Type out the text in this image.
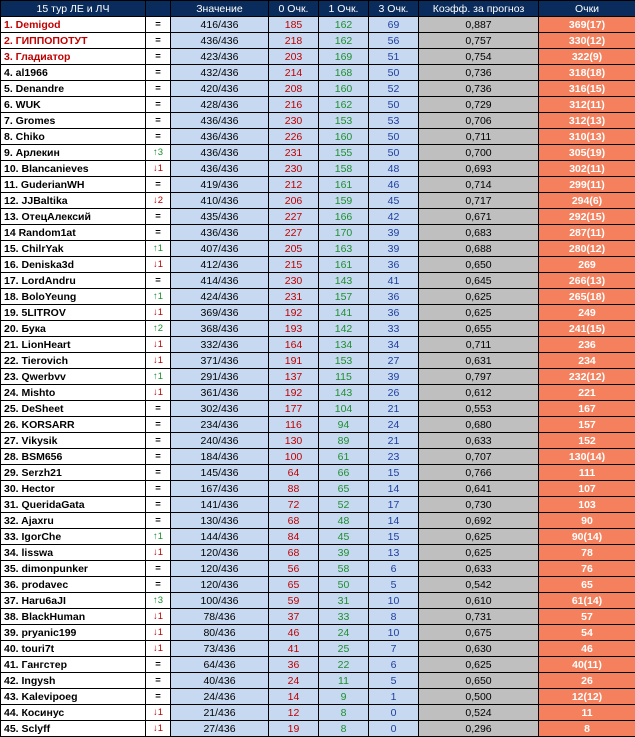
15 тур ЛЕ и ЛЧ		Значение	0 Очк.	1 Очк.	3 Очк.	Коэфф. за прогноз	Очки
1. Demigod	=	416/436	185	162	69	0,887	369(17)
2. ГИППОПОТУТ	=	436/436	218	162	56	0,757	330(12)
3. Гладиатор	=	423/436	203	169	51	0,754	322(9)
4. al1966	=	432/436	214	168	50	0,736	318(18)
5. Denandre	=	420/436	208	160	52	0,736	316(15)
6. WUK	=	428/436	216	162	50	0,729	312(11)
7. Gromes	=	436/436	230	153	53	0,706	312(13)
8. Chiko	=	436/436	226	160	50	0,711	310(13)
9. Арлекин	↑3	436/436	231	155	50	0,700	305(19)
10. Blancanieves	↓1	436/436	230	158	48	0,693	302(11)
11. GuderianWH	=	419/436	212	161	46	0,714	299(11)
12. JJBaltika	↓2	410/436	206	159	45	0,717	294(6)
13. ОтецАлексий	=	435/436	227	166	42	0,671	292(15)
14 Random1at	=	436/436	227	170	39	0,683	287(11)
15. ChilrYak	↑1	407/436	205	163	39	0,688	280(12)
16. Deniska3d	↓1	412/436	215	161	36	0,650	269
17. LordAndru	=	414/436	230	143	41	0,645	266(13)
18. BoloYeung	↑1	424/436	231	157	36	0,625	265(18)
19. 5LITROV	↓1	369/436	192	141	36	0,625	249
20. Бука	↑2	368/436	193	142	33	0,655	241(15)
21. LionHeart	↓1	332/436	164	134	34	0,711	236
22. Tierovich	↓1	371/436	191	153	27	0,631	234
23. Qwerbvv	↑1	291/436	137	115	39	0,797	232(12)
24. Mishto	↓1	361/436	192	143	26	0,612	221
25. DeSheet	=	302/436	177	104	21	0,553	167
26. KORSARR	=	234/436	116	94	24	0,680	157
27. Vikysik	=	240/436	130	89	21	0,633	152
28. BSM656	=	184/436	100	61	23	0,707	130(14)
29. Serzh21	=	145/436	64	66	15	0,766	111
30. Hector	=	167/436	88	65	14	0,641	107
31. QueridaGata	=	141/436	72	52	17	0,730	103
32. Ajaxru	=	130/436	68	48	14	0,692	90
33. IgorChe	↑1	144/436	84	45	15	0,625	90(14)
34. lisswa	↓1	120/436	68	39	13	0,625	78
35. dimonpunker	=	120/436	56	58	6	0,633	76
36. prodavec	=	120/436	65	50	5	0,542	65
37. Haru6aJI	↑3	100/436	59	31	10	0,610	61(14)
38. BlackHuman	↓1	78/436	37	33	8	0,731	57
39. pryanic199	↓1	80/436	46	24	10	0,675	54
40. touri7t	↓1	73/436	41	25	7	0,630	46
41. Гангстер	=	64/436	36	22	6	0,625	40(11)
42. Ingysh	=	40/436	24	11	5	0,650	26
43. Kalevipoeg	=	24/436	14	9	1	0,500	12(12)
44. Косинус	↓1	21/436	12	8	0	0,524	11
45. Sclyff	↓1	27/436	19	8	0	0,296	8
